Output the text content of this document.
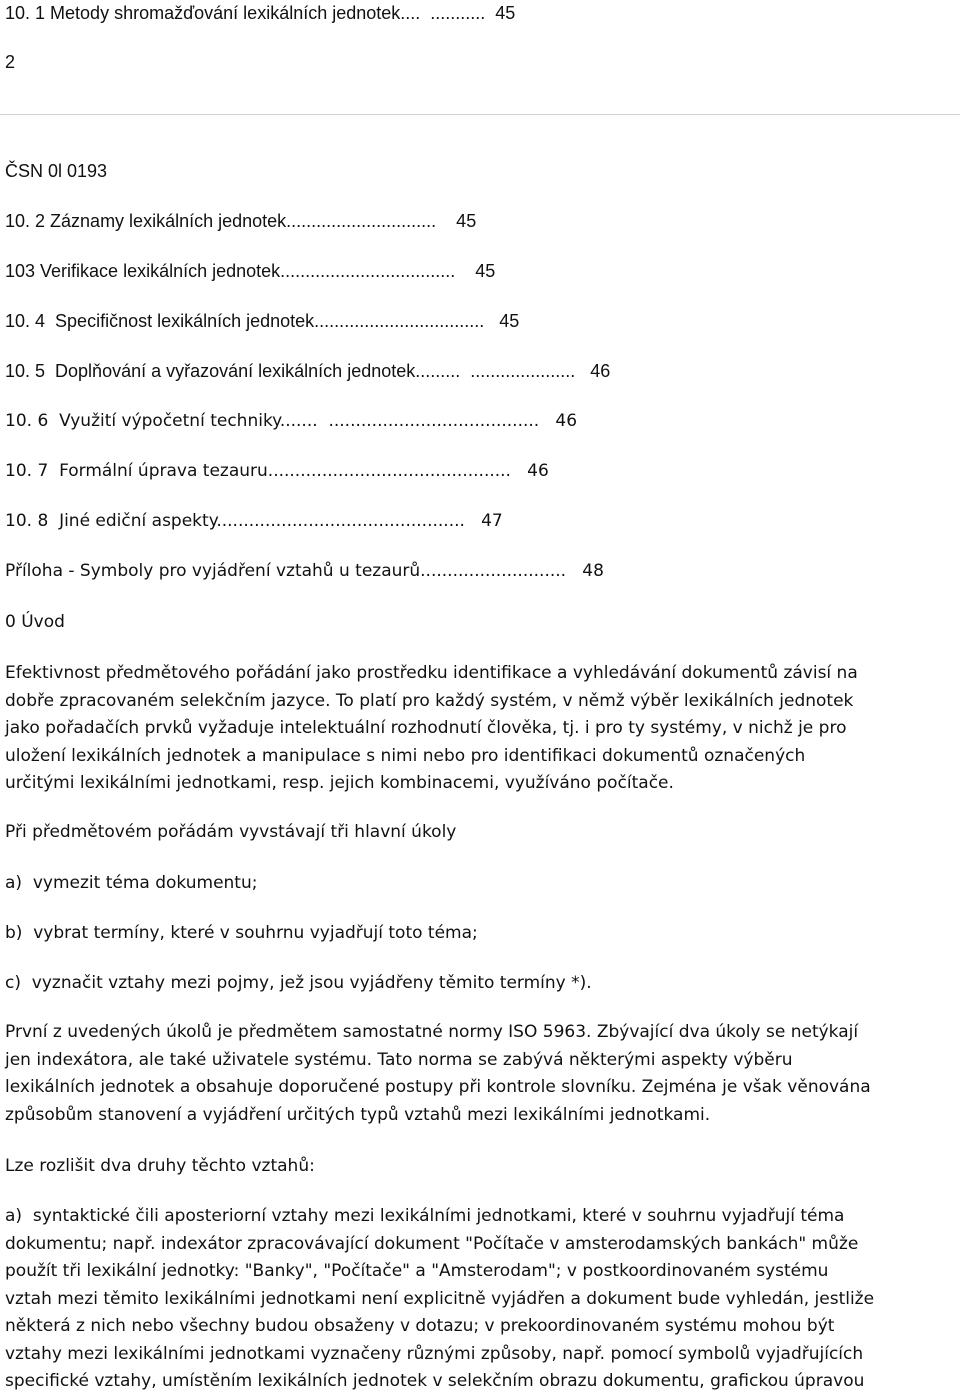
10. 1 Metody shromažďování lexikálních jednotek....  ...........  45
2
ČSN 0l 0193
10. 2 Záznamy lexikálních jednotek..............................    45
103 Verifikace lexikálních jednotek...................................    45
10. 4  Specifičnost lexikálních jednotek..................................   45
10. 5  Doplňování a vyřazování lexikálních jednotek.........  .....................   46
10. 6  Využití výpočetní techniky.......  .......................................   46
10. 7  Formální úprava tezauru.............................................   46
10. 8  Jiné ediční aspekty..............................................   47
Příloha - Symboly pro vyjádření vztahů u tezaurů...........................   48
0 Úvod
Efektivnost předmětového pořádání jako prostředku identifikace a vyhledávání dokumentů závisí na
dobře zpracovaném selekčním jazyce. To platí pro každý systém, v němž výběr lexikálních jednotek
jako pořadačích prvků vyžaduje intelektuální rozhodnutí člověka, tj. i pro ty systémy, v nichž je pro
uložení lexikálních jednotek a manipulace s nimi nebo pro identifikaci dokumentů označených
určitými lexikálními jednotkami, resp. jejich kombinacemi, využíváno počítače.
Při předmětovém pořádám vyvstávají tři hlavní úkoly
a)  vymezit téma dokumentu;
b)  vybrat termíny, které v souhrnu vyjadřují toto téma;
c)  vyznačit vztahy mezi pojmy, jež jsou vyjádřeny těmito termíny *).
První z uvedených úkolů je předmětem samostatné normy ISO 5963. Zbývající dva úkoly se netýkají
jen indexátora, ale také uživatele systému. Tato norma se zabývá některými aspekty výběru
lexikálních jednotek a obsahuje doporučené postupy při kontrole slovníku. Zejména je však věnována
způsobům stanovení a vyjádření určitých typů vztahů mezi lexikálními jednotkami.
Lze rozlišit dva druhy těchto vztahů:
a)  syntaktické čili aposteriorní vztahy mezi lexikálními jednotkami, které v souhrnu vyjadřují téma
dokumentu; např. indexátor zpracovávající dokument "Počítače v amsterodamských bankách" může
použít tři lexikální jednotky: "Banky", "Počítače" a "Amsterodam"; v postkoordinovaném systému
vztah mezi těmito lexikálními jednotkami není explicitně vyjádřen a dokument bude vyhledán, jestliže
některá z nich nebo všechny budou obsaženy v dotazu; v prekoordinovaném systému mohou být
vztahy mezi lexikálními jednotkami vyznačeny různými způsoby, např. pomocí symbolů vyjadřujících
specifické vztahy, umístěním lexikálních jednotek v selekčním obrazu dokumentu, grafickou úpravou
